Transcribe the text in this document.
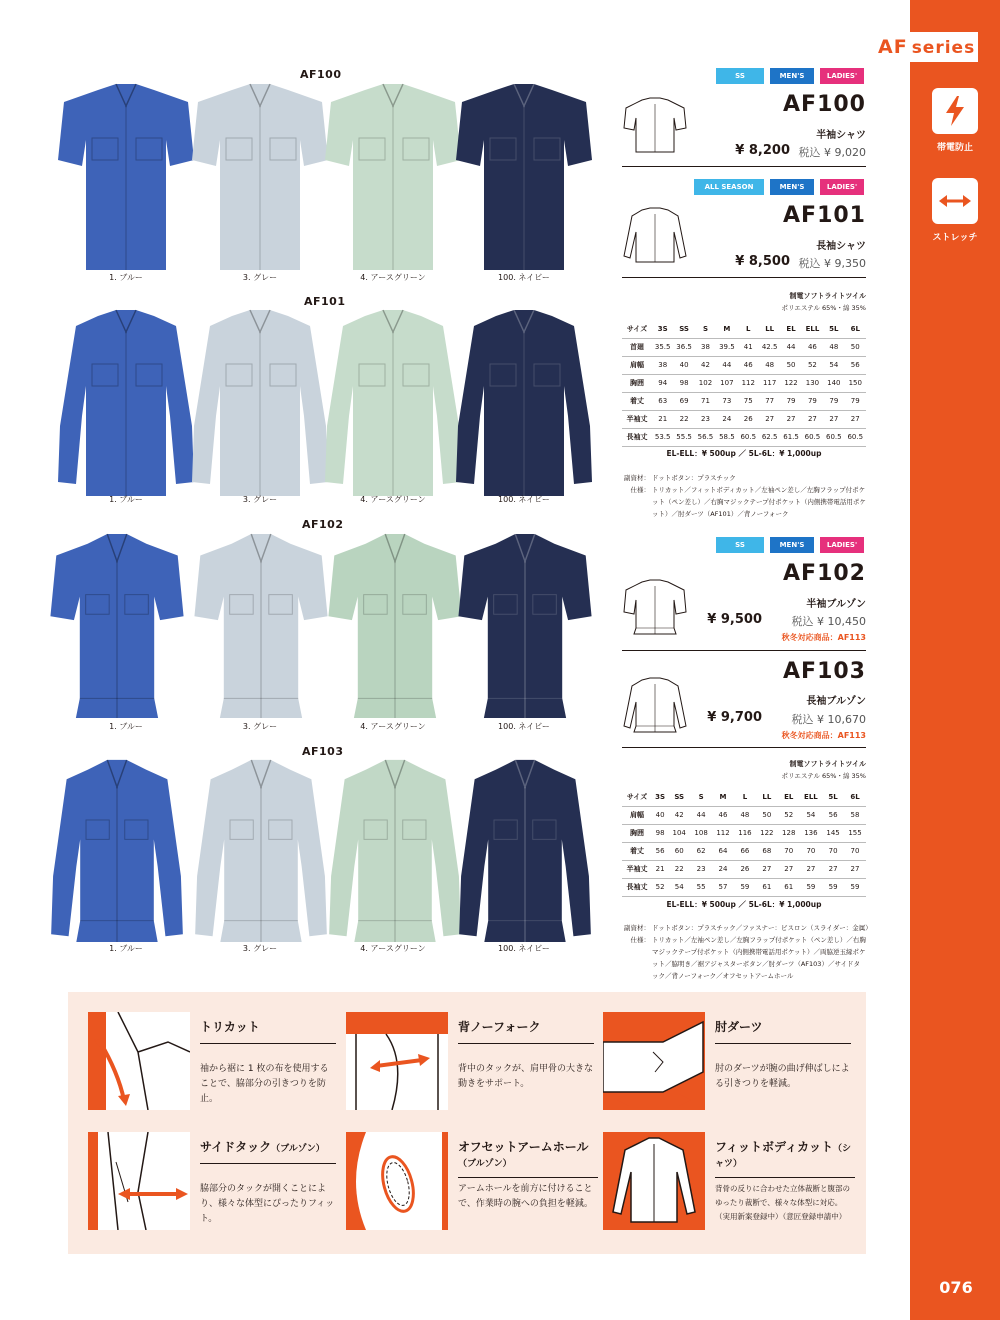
AF series
帯電防止
ストレッチ
076
AF100
1. ブルー	3. グレー	4. アースグリーン	100. ネイビー
AF101
1. ブルー	3. グレー	4. アースグリーン	100. ネイビー
AF102
1. ブルー	3. グレー	4. アースグリーン	100. ネイビー
AF103
1. ブルー	3. グレー	4. アースグリーン	100. ネイビー
SS	MEN'S	LADIES'
AF100
半袖シャツ
¥ 8,200 税込 ¥ 9,020
ALL SEASON	MEN'S	LADIES'
AF101
長袖シャツ
¥ 8,500 税込 ¥ 9,350
制電ソフトライトツイル
ポリエステル 65%・綿 35%
サイズ	3S	SS	S	M	L	LL	EL	ELL	5L	6L
首廻	35.5	36.5	38	39.5	41	42.5	44	46	48	50
肩幅	38	40	42	44	46	48	50	52	54	56
胸囲	94	98	102	107	112	117	122	130	140	150
着丈	63	69	71	73	75	77	79	79	79	79
半袖丈	21	22	23	24	26	27	27	27	27	27
長袖丈	53.5	55.5	56.5	58.5	60.5	62.5	61.5	60.5	60.5	60.5
EL-ELL：¥ 500up ／ 5L-6L：¥ 1,000up
副資材： ドットボタン：プラスチック
仕様： トリカット／フィットボディカット／左袖ペン差し／左胸フラップ付ポケット（ペン差し）／右胸マジックテープ付ポケット（内側携帯電話用ポケット）／肘ダーツ（AF101）／背ノーフォーク
SS	MEN'S	LADIES'
AF102
半袖ブルゾン
¥ 9,500	税込 ¥ 10,450
秋冬対応商品：AF113
AF103
長袖ブルゾン
¥ 9,700	税込 ¥ 10,670
秋冬対応商品：AF113
制電ソフトライトツイル
ポリエステル 65%・綿 35%
サイズ	3S	SS	S	M	L	LL	EL	ELL	5L	6L
肩幅	40	42	44	46	48	50	52	54	56	58
胸囲	98	104	108	112	116	122	128	136	145	155
着丈	56	60	62	64	66	68	70	70	70	70
半袖丈	21	22	23	24	26	27	27	27	27	27
長袖丈	52	54	55	57	59	61	61	59	59	59
EL-ELL：¥ 500up ／ 5L-6L：¥ 1,000up
副資材： ドットボタン：プラスチック／ファスナー：ビスロン（スライダー：金属）
仕様： トリカット／左袖ペン差し／左胸フラップ付ポケット（ペン差し）／右胸マジックテープ付ポケット（内側携帯電話用ポケット）／両脇逆玉縁ポケット／脇明き／裾アジャスターボタン／肘ダーツ（AF103）／サイドタック／背ノーフォーク／オフセットアームホール
トリカット
袖から裾に 1 枚の布を使用することで、脇部分の引きつりを防止。
背ノーフォーク
背中のタックが、肩甲骨の大きな動きをサポート。
肘ダーツ
肘のダーツが腕の曲げ伸ばしによる引きつりを軽減。
サイドタック（ブルゾン）
脇部分のタックが開くことにより、様々な体型にぴったりフィット。
オフセットアームホール（ブルゾン）
アームホールを前方に付けることで、作業時の腕への負担を軽減。
フィットボディカット（シャツ）
背骨の反りに合わせた立体裁断と腹部のゆったり裁断で、様々な体型に対応。（実用新案登録中）（意匠登録申請中）
